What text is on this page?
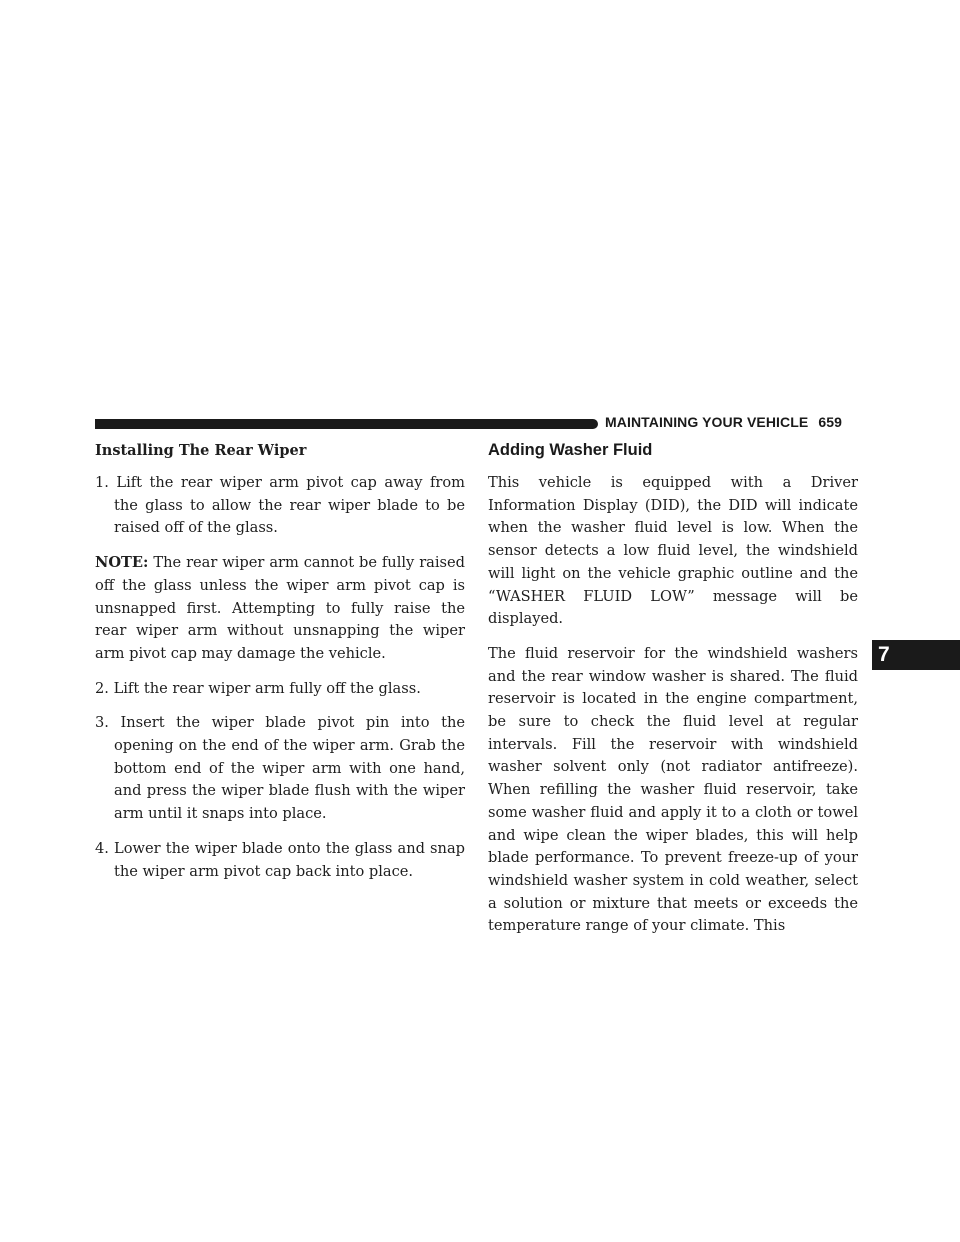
MAINTAINING YOUR VEHICLE 659
7
Installing The Rear Wiper

1. Lift the rear wiper arm pivot cap away from the glass to allow the rear wiper blade to be raised off of the glass.

NOTE: The rear wiper arm cannot be fully raised off the glass unless the wiper arm pivot cap is unsnapped first. Attempting to fully raise the rear wiper arm without unsnapping the wiper arm pivot cap may damage the vehicle.

2. Lift the rear wiper arm fully off the glass.

3. Insert the wiper blade pivot pin into the opening on the end of the wiper arm. Grab the bottom end of the wiper arm with one hand, and press the wiper blade flush with the wiper arm until it snaps into place.

4. Lower the wiper blade onto the glass and snap the wiper arm pivot cap back into place.

Adding Washer Fluid

This vehicle is equipped with a Driver Information Display (DID), the DID will indicate when the washer fluid level is low. When the sensor detects a low fluid level, the windshield will light on the vehicle graphic outline and the “WASHER FLUID LOW” message will be displayed.

The fluid reservoir for the windshield washers and the rear window washer is shared. The fluid reservoir is located in the engine compartment, be sure to check the fluid level at regular intervals. Fill the reservoir with windshield washer solvent only (not radiator antifreeze). When refilling the washer fluid reservoir, take some washer fluid and apply it to a cloth or towel and wipe clean the wiper blades, this will help blade performance. To prevent freeze-up of your windshield washer system in cold weather, select a solution or mixture that meets or exceeds the temperature range of your climate. This
